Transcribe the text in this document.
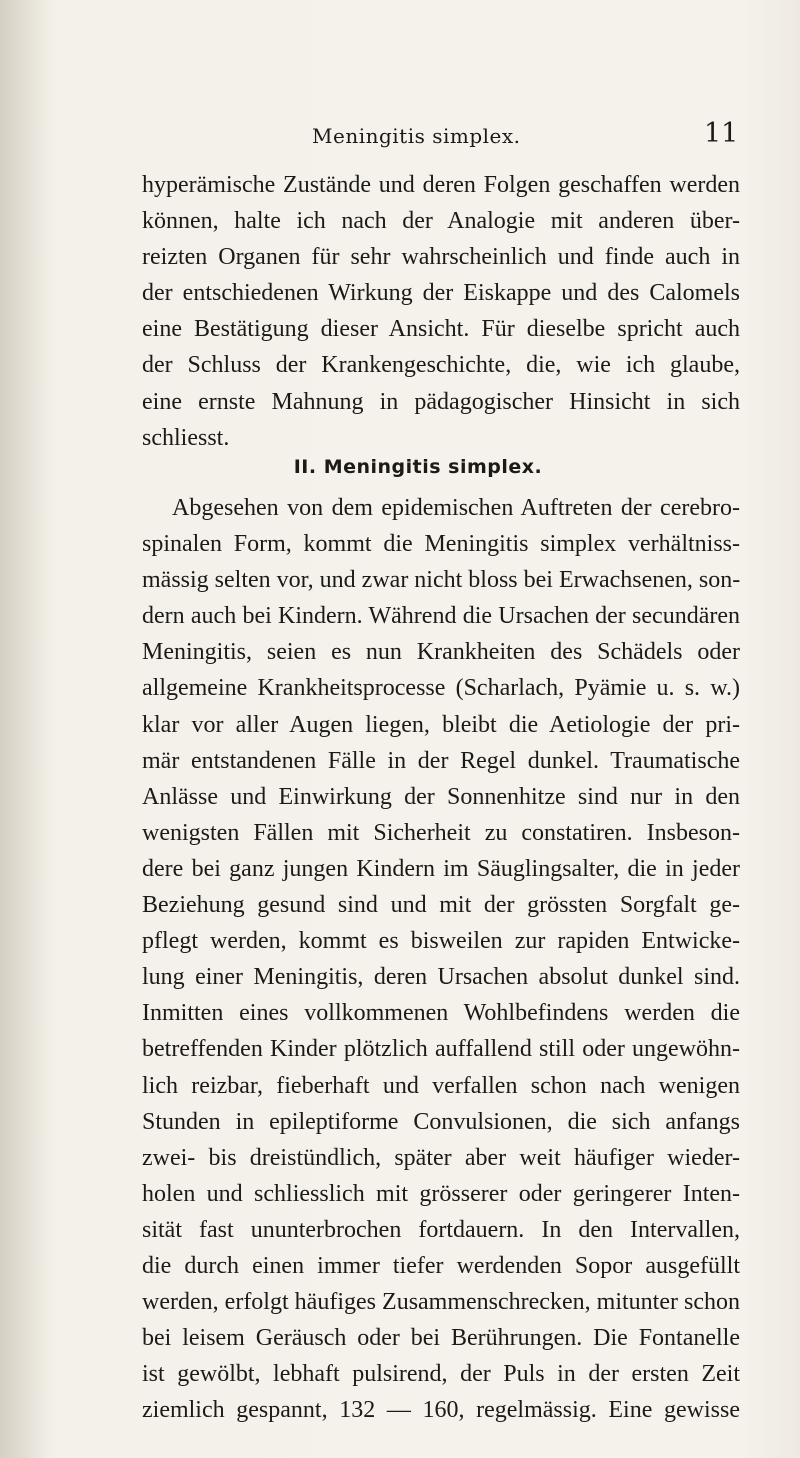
Meningitis simplex.	11
hyperämische Zustände und deren Folgen geschaffen werden
können, halte ich nach der Analogie mit anderen über-
reizten Organen für sehr wahrscheinlich und finde auch in
der entschiedenen Wirkung der Eiskappe und des Calomels
eine Bestätigung dieser Ansicht. Für dieselbe spricht auch
der Schluss der Krankengeschichte, die, wie ich glaube,
eine ernste Mahnung in pädagogischer Hinsicht in sich
schliesst.
II. Meningitis simplex.
Abgesehen von dem epidemischen Auftreten der cerebro-
spinalen Form, kommt die Meningitis simplex verhältniss-
mässig selten vor, und zwar nicht bloss bei Erwachsenen, son-
dern auch bei Kindern. Während die Ursachen der secundären
Meningitis, seien es nun Krankheiten des Schädels oder
allgemeine Krankheitsprocesse (Scharlach, Pyämie u. s. w.)
klar vor aller Augen liegen, bleibt die Aetiologie der pri-
mär entstandenen Fälle in der Regel dunkel. Traumatische
Anlässe und Einwirkung der Sonnenhitze sind nur in den
wenigsten Fällen mit Sicherheit zu constatiren. Insbeson-
dere bei ganz jungen Kindern im Säuglingsalter, die in jeder
Beziehung gesund sind und mit der grössten Sorgfalt ge-
pflegt werden, kommt es bisweilen zur rapiden Entwicke-
lung einer Meningitis, deren Ursachen absolut dunkel sind.
Inmitten eines vollkommenen Wohlbefindens werden die
betreffenden Kinder plötzlich auffallend still oder ungewöhn-
lich reizbar, fieberhaft und verfallen schon nach wenigen
Stunden in epileptiforme Convulsionen, die sich anfangs
zwei- bis dreistündlich, später aber weit häufiger wieder-
holen und schliesslich mit grösserer oder geringerer Inten-
sität fast ununterbrochen fortdauern. In den Intervallen,
die durch einen immer tiefer werdenden Sopor ausgefüllt
werden, erfolgt häufiges Zusammenschrecken, mitunter schon
bei leisem Geräusch oder bei Berührungen. Die Fontanelle
ist gewölbt, lebhaft pulsirend, der Puls in der ersten Zeit
ziemlich gespannt, 132 — 160, regelmässig. Eine gewisse
